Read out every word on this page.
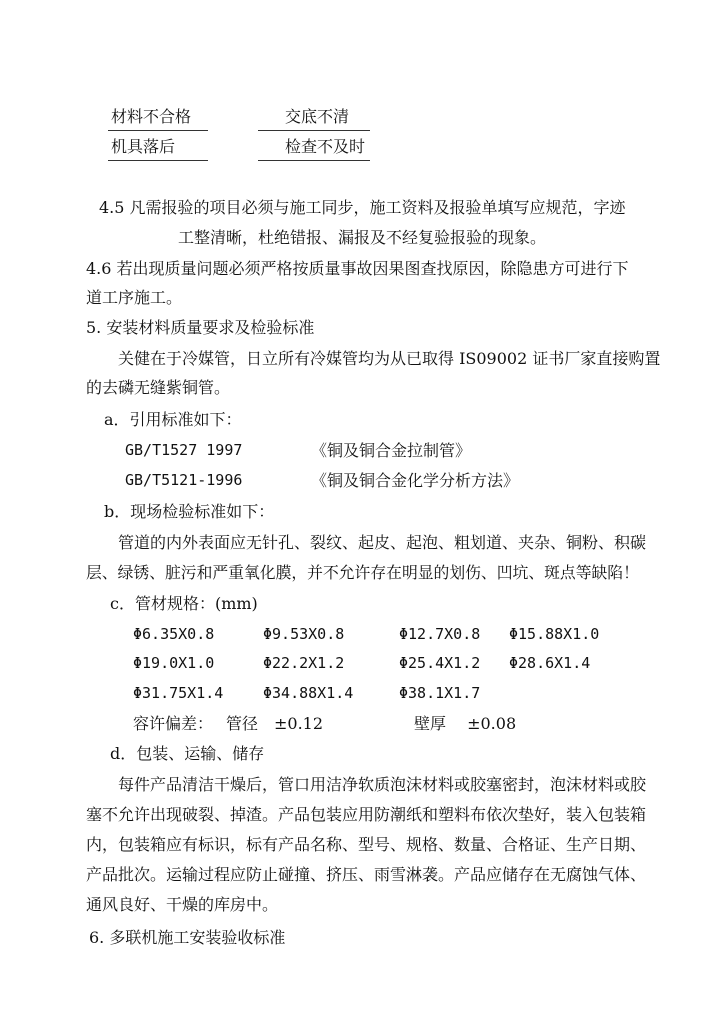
材料不合格	交底不清
机具落后	检查不及时
4.5 凡需报验的项目必须与施工同步，施工资料及报验单填写应规范，字迹
工整清晰，杜绝错报、漏报及不经复验报验的现象。
4.6 若出现质量问题必须严格按质量事故因果图查找原因，除隐患方可进行下
道工序施工。
5. 安装材料质量要求及检验标准
关健在于冷媒管，日立所有冷媒管均为从已取得 IS09002 证书厂家直接购置
的去磷无缝紫铜管。
a．引用标准如下：
GB/T1527 1997	《铜及铜合金拉制管》
GB/T5121-1996	《铜及铜合金化学分析方法》
b．现场检验标准如下：
管道的内外表面应无针孔、裂纹、起皮、起泡、粗划道、夹杂、铜粉、积碳
层、绿锈、脏污和严重氧化膜，并不允许存在明显的划伤、凹坑、斑点等缺陷！
c．管材规格：(mm)
Φ6.35X0.8	Φ9.53X0.8	Φ12.7X0.8 Φ15.88X1.0
Φ19.0X1.0	Φ22.2X1.2	Φ25.4X1.2 Φ28.6X1.4
Φ31.75X1.4	Φ34.88X1.4	Φ38.1X1.7
容许偏差： 管径　±0.12	壁厚　 ±0.08
d．包装、运输、储存
每件产品清洁干燥后，管口用洁净软质泡沫材料或胶塞密封，泡沫材料或胶
塞不允许出现破裂、掉渣。产品包装应用防潮纸和塑料布依次垫好，装入包装箱
内，包装箱应有标识，标有产品名称、型号、规格、数量、合格证、生产日期、
产品批次。运输过程应防止碰撞、挤压、雨雪淋袭。产品应储存在无腐蚀气体、
通风良好、干燥的库房中。
6. 多联机施工安装验收标准
